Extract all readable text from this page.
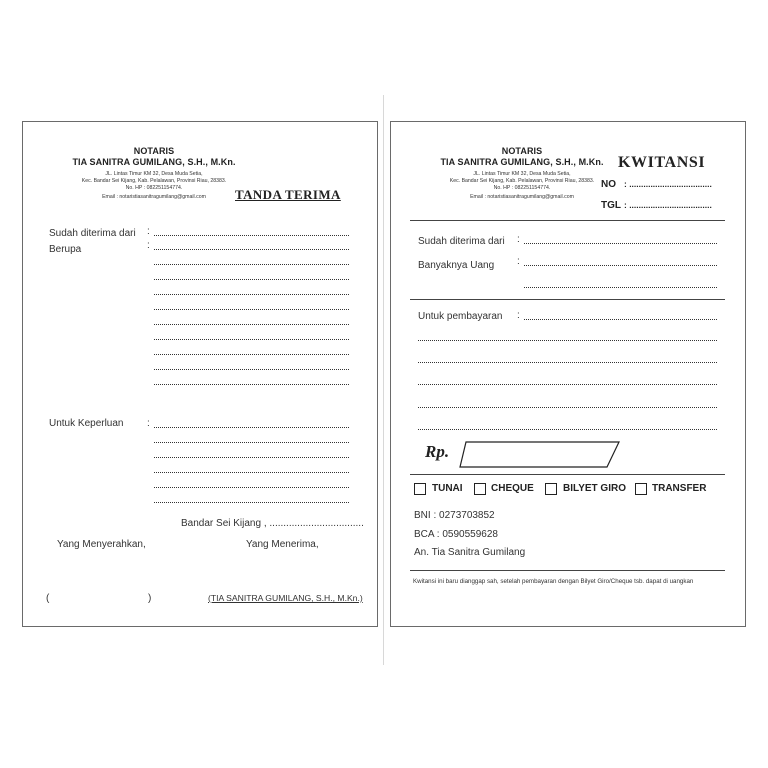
NOTARIS
TIA SANITRA GUMILANG, S.H., M.Kn.
JL. Lintas Timur KM 32, Desa Muda Setia,
Kec. Bandar Sei Kijang, Kab. Pelalawan, Provinsi Riau, 28383.
No. HP : 082251154774.
Email : notaristiasanitragumilang@gmail.com	TANDA TERIMA
Sudah diterima dari :
Berupa	:
Untuk Keperluan :
Bandar Sei Kijang , ..................................
Yang Menyerahkan,	Yang Menerima,
(	)	(TIA SANITRA GUMILANG, S.H., M.Kn.)
NOTARIS
TIA SANITRA GUMILANG, S.H., M.Kn.
JL. Lintas Timur KM 32, Desa Muda Setia,
Kec. Bandar Sei Kijang, Kab. Pelalawan, Provinsi Riau, 28383.
No. HP : 082251154774.
Email : notaristiasanitragumilang@gmail.com
KWITANSI
NO : ...................................
TGL : ...................................
Sudah diterima dari :
Banyaknya Uang :
Untuk pembayaran :
Rp.
TUNAI	CHEQUE	BILYET GIRO	TRANSFER
BNI : 0273703852
BCA : 0590559628
An. Tia Sanitra Gumilang
Kwitansi ini baru dianggap sah, setelah pembayaran dengan Bilyet Giro/Cheque tsb. dapat di uangkan
